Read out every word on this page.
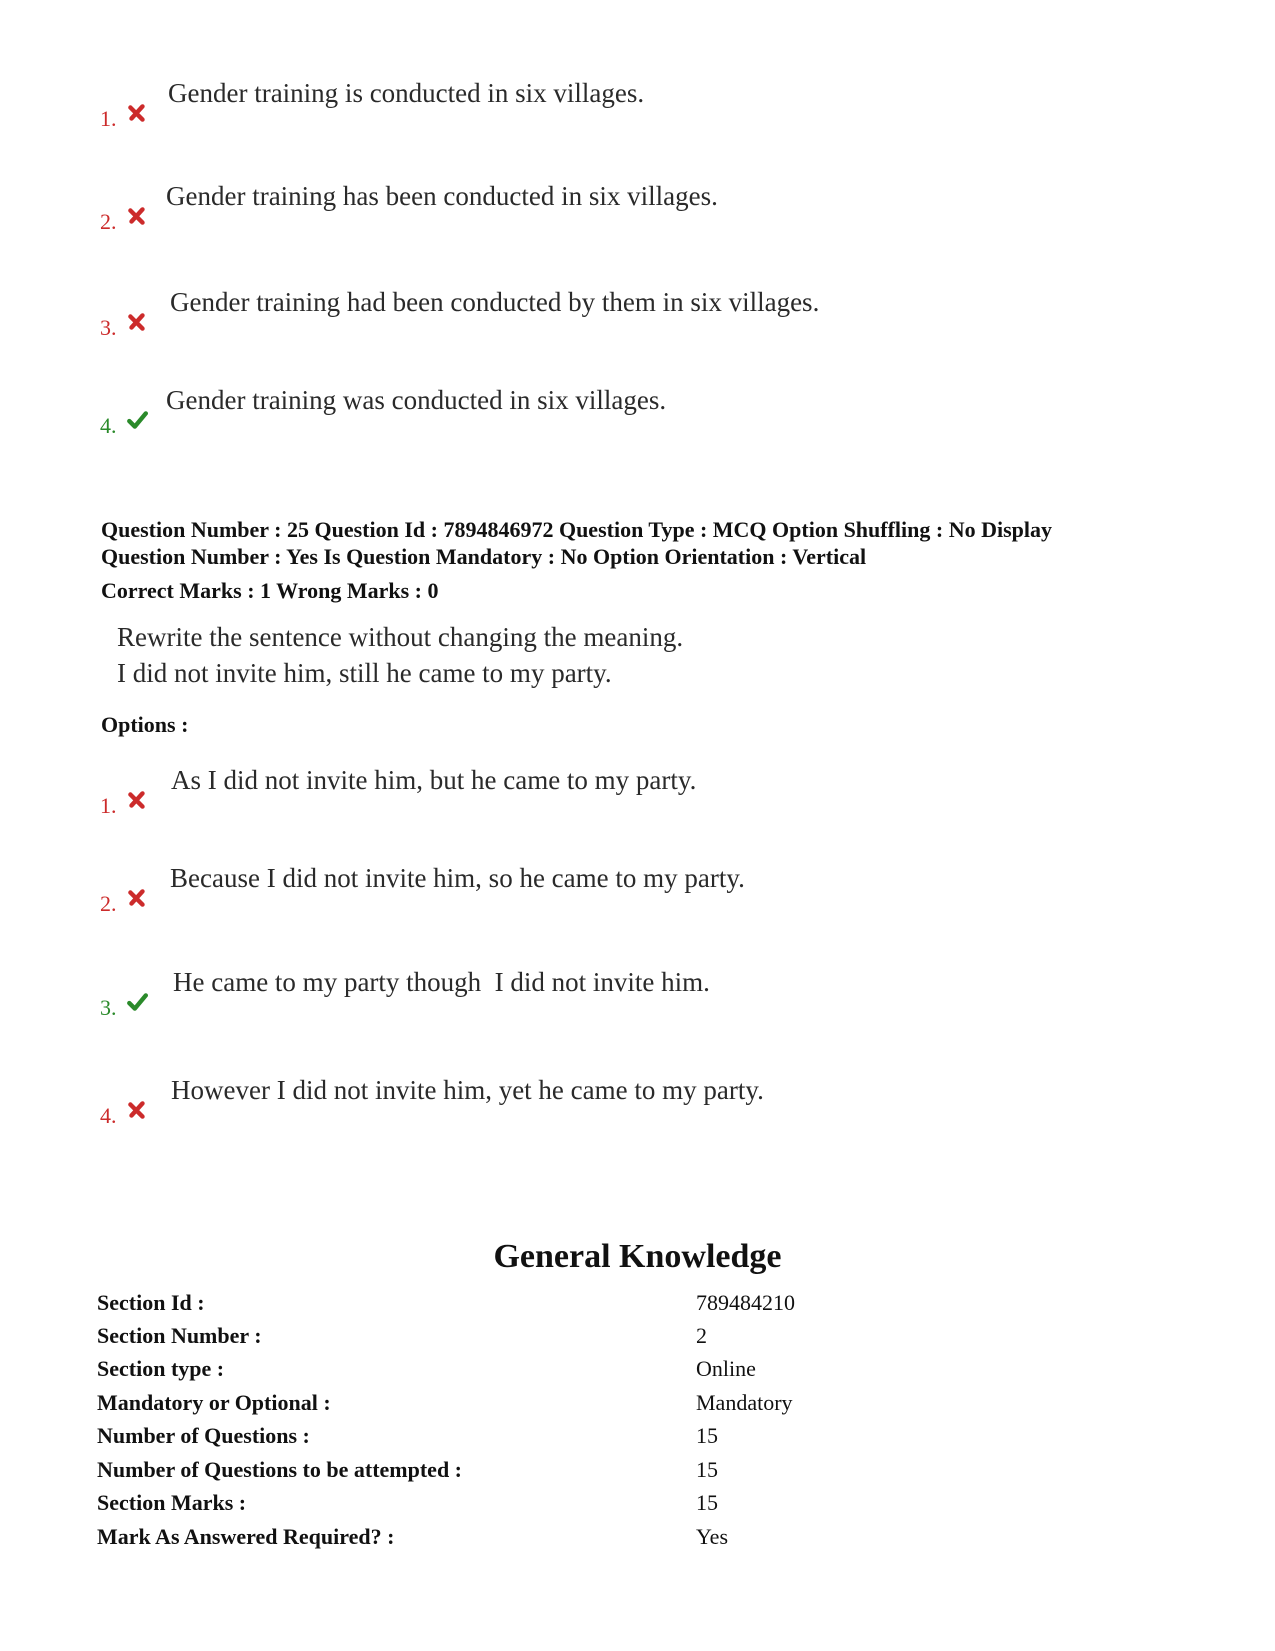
1.
Gender training is conducted in six villages.
2.
Gender training has been conducted in six villages.
3.
Gender training had been conducted by them in six villages.
4.
Gender training was conducted in six villages.
Question Number : 25 Question Id : 7894846972 Question Type : MCQ Option Shuffling : No Display
Question Number : Yes Is Question Mandatory : No Option Orientation : Vertical
Correct Marks : 1 Wrong Marks : 0
Rewrite the sentence without changing the meaning.
I did not invite him, still he came to my party.
Options :
1.
As I did not invite him, but he came to my party.
2.
Because I did not invite him, so he came to my party.
3.
He came to my party though  I did not invite him.
4.
However I did not invite him, yet he came to my party.
General Knowledge
Section Id :	789484210
Section Number :	2
Section type :	Online
Mandatory or Optional :	Mandatory
Number of Questions :	15
Number of Questions to be attempted :	15
Section Marks :	15
Mark As Answered Required? :	Yes
